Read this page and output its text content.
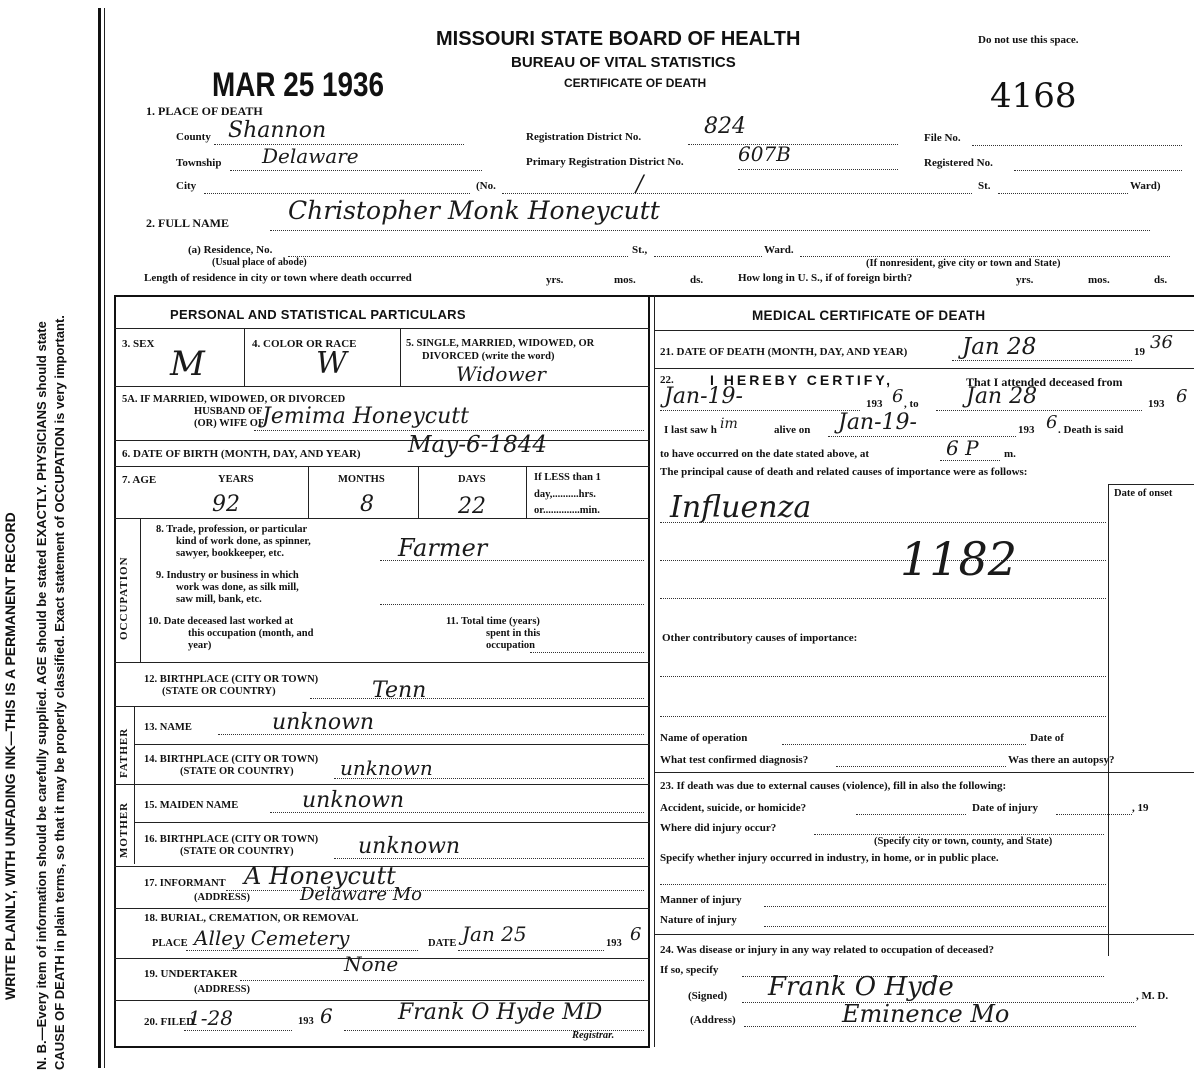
N. B.—Every item of information should be carefully supplied. AGE should be stated EXACTLY. PHYSICIANS should state CAUSE OF DEATH in plain terms, so that it may be properly classified. Exact statement of OCCUPATION is very important.
WRITE PLAINLY, WITH UNFADING INK—THIS IS A PERMANENT RECORD
MISSOURI STATE BOARD OF HEALTH
BUREAU OF VITAL STATISTICS
CERTIFICATE OF DEATH
Do not use this space.
MAR 25 1936	4168
1. PLACE OF DEATH
County Shannon
Township Delaware
Registration District No.	824
Primary Registration District No.	607B
File No.
Registered No.
City	(No.	/	St.	Ward)
2. FULL NAME Christopher Monk Honeycutt
(a) Residence, No.
(Usual place of abode)
St.,	Ward.
(If nonresident, give city or town and State)
Length of residence in city or town where death occurred	yrs.	mos.	ds.	How long in U. S., if of foreign birth?	yrs.	mos.	ds.
PERSONAL AND STATISTICAL PARTICULARS
3. SEX M	4. COLOR OR RACE
W
5. SINGLE, MARRIED, WIDOWED, OR
DIVORCED (write the word)
Widower
5A. IF MARRIED, WIDOWED, OR DIVORCED
HUSBAND OF
(OR) WIFE OF
Jemima Honeycutt
6. DATE OF BIRTH (MONTH, DAY, AND YEAR) May-6-1844
7. AGE	YEARS	MONTHS	DAYS
92	8	22
If LESS than 1
day,..........hrs.
or..............min.
OCCUPATION
8. Trade, profession, or particular
kind of work done, as spinner,
sawyer, bookkeeper, etc.	Farmer
9. Industry or business in which
work was done, as silk mill,
saw mill, bank, etc.
10. Date deceased last worked at
this occupation (month, and
year)
11. Total time (years)
spent in this
occupation
12. BIRTHPLACE (CITY OR TOWN)
(STATE OR COUNTRY)	Tenn
FATHER
13. NAME	unknown
14. BIRTHPLACE (CITY OR TOWN)
(STATE OR COUNTRY) unknown
MOTHER 15. MAIDEN NAME	unknown
16. BIRTHPLACE (CITY OR TOWN)
(STATE OR COUNTRY)	unknown
17. INFORMANT A Honeycutt
(ADDRESS)	Delaware Mo
18. BURIAL, CREMATION, OR REMOVAL
PLACE Alley Cemetery	DATE Jan 25	193 6
19. UNDERTAKER	None
(ADDRESS)
20. FILED
1-28	193 6	Frank O Hyde MD
Registrar.
MEDICAL CERTIFICATE OF DEATH
21. DATE OF DEATH (MONTH, DAY, AND YEAR) Jan 28	19 36
22.	I HEREBY CERTIFY,	That I attended deceased from
Jan-19-	193 6 , to Jan 28	193 6
I last saw h im	alive on Jan-19-	193 6 . Death is said
to have occurred on the date stated above, at	6 P m.
The principal cause of death and related causes of importance were as follows:
Date of onset
Influenza
1182
Other contributory causes of importance:
Name of operation	Date of
What test confirmed diagnosis?	Was there an autopsy?
23. If death was due to external causes (violence), fill in also the following:
Accident, suicide, or homicide?	Date of injury	, 19
Where did injury occur?
(Specify city or town, county, and State)
Specify whether injury occurred in industry, in home, or in public place.
Manner of injury
Nature of injury
24. Was disease or injury in any way related to occupation of deceased?
If so, specify
(Signed) Frank O Hyde	, M. D.
(Address)	Eminence Mo
